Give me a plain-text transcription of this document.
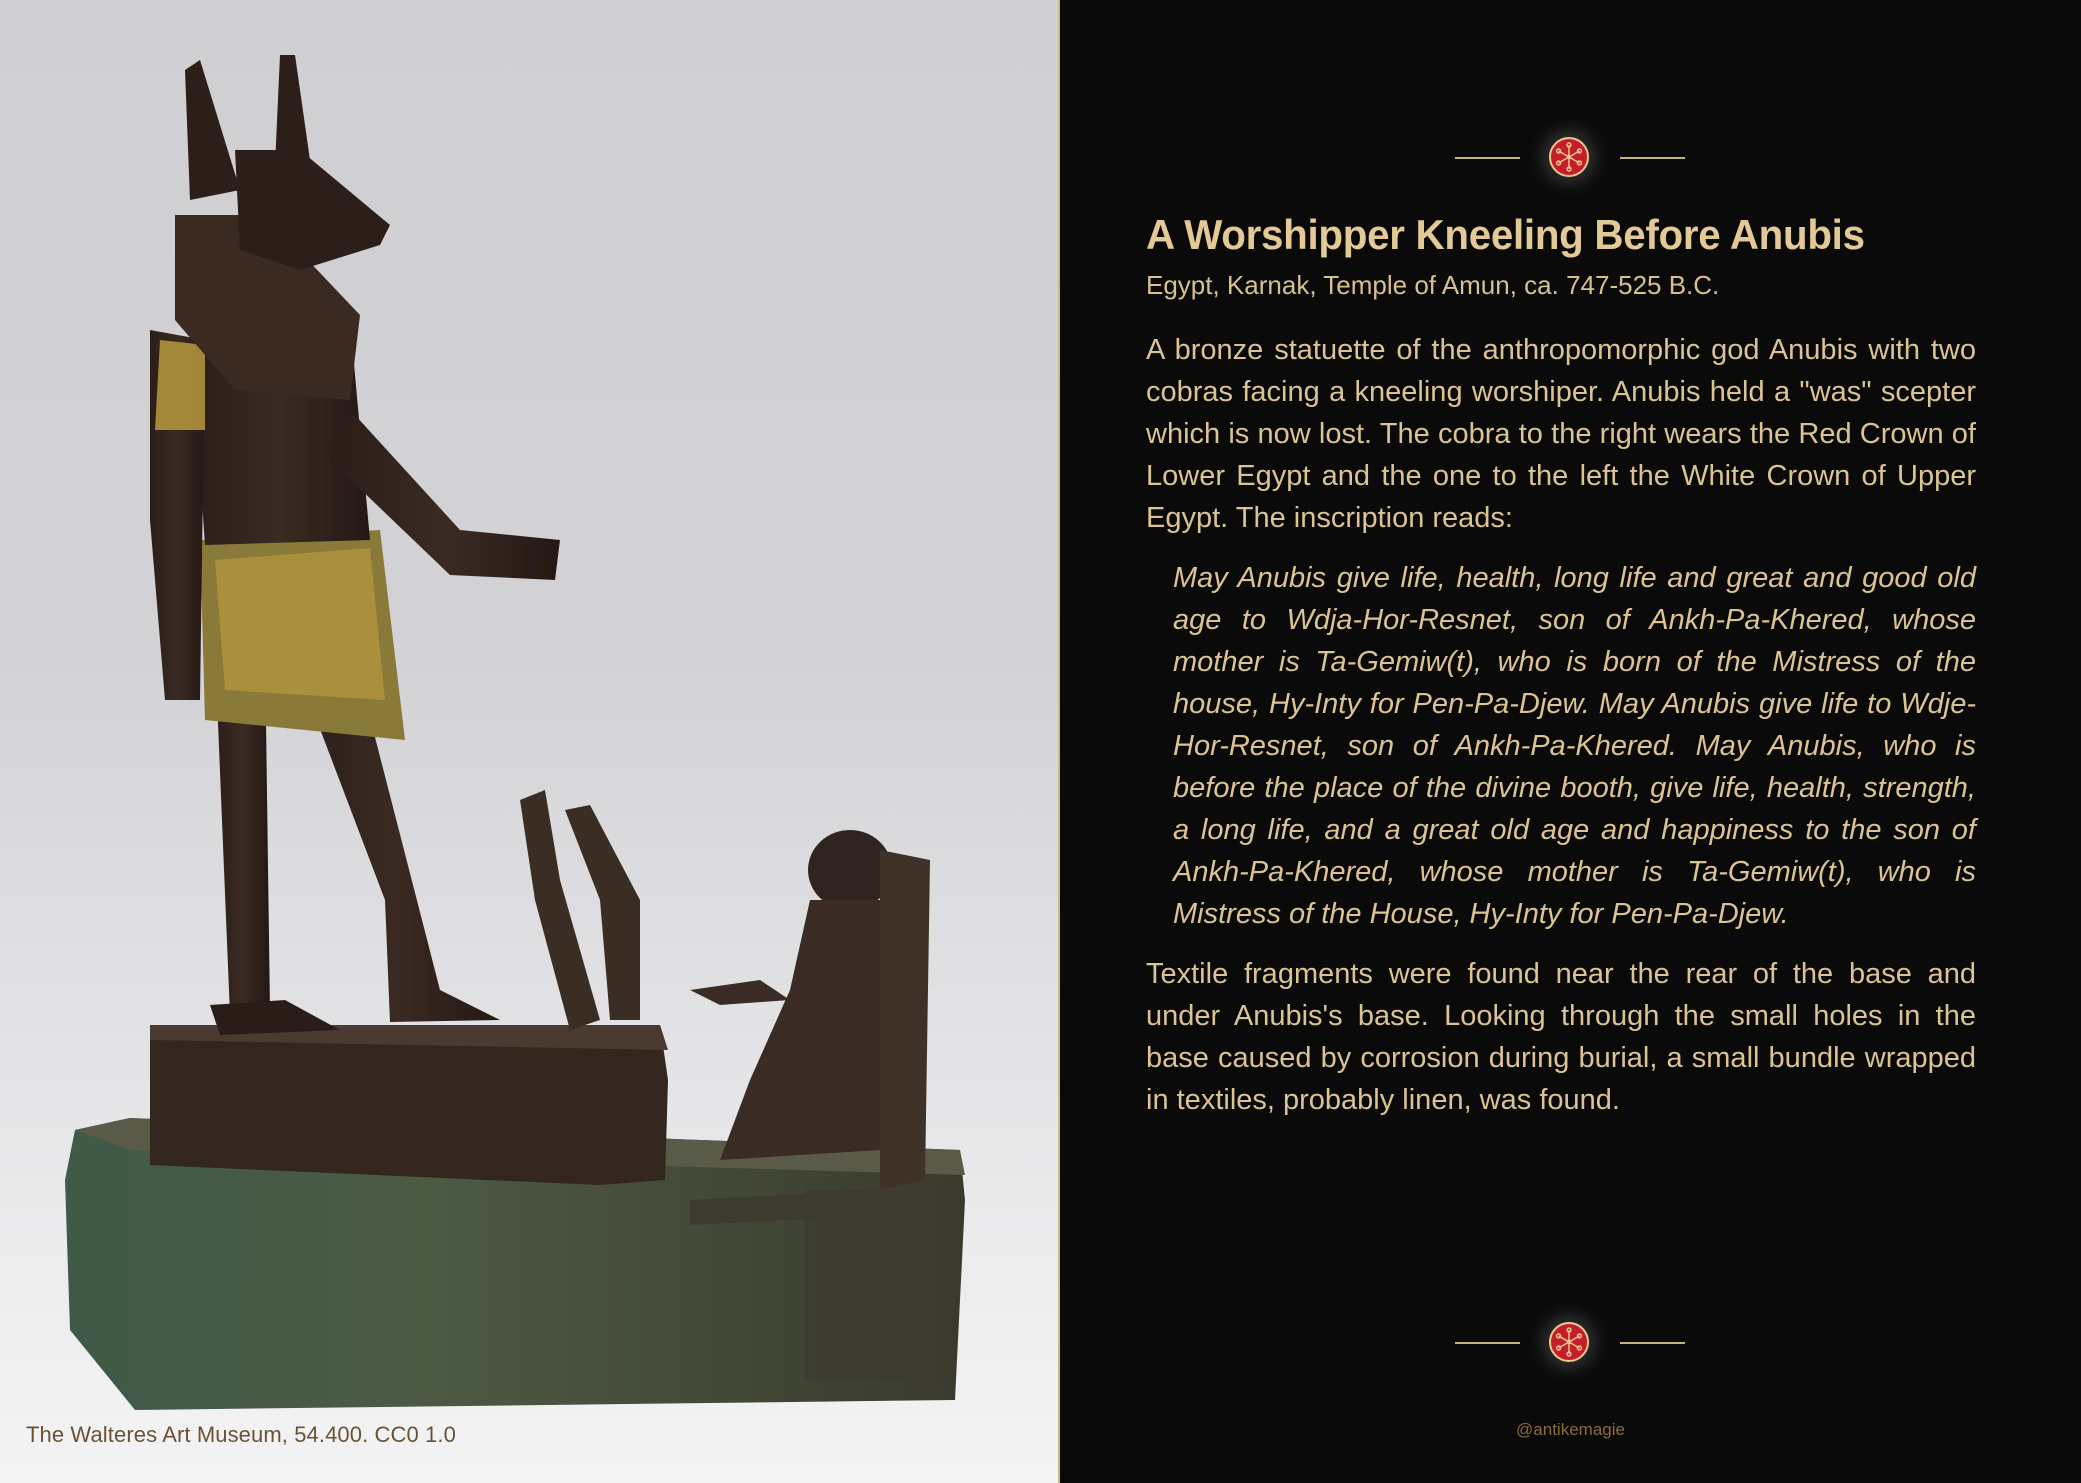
The Walteres Art Museum, 54.400. CC0 1.0
A Worshipper Kneeling Before Anubis

Egypt, Karnak, Temple of Amun, ca. 747-525 B.C.

A bronze statuette of the anthropomorphic god Anubis with two cobras facing a kneeling worshiper. Anubis held a "was" scepter which is now lost. The cobra to the right wears the Red Crown of Lower Egypt and the one to the left the White Crown of Upper Egypt. The inscription reads:

May Anubis give life, health, long life and great and good old age to Wdja-Hor-Resnet, son of Ankh-Pa-Khered, whose mother is Ta-Gemiw(t), who is born of the Mistress of the house, Hy-Inty for Pen-Pa-Djew. May Anubis give life to Wdje-Hor-Resnet, son of Ankh-Pa-Khered. May Anubis, who is before the place of the divine booth, give life, health, strength, a long life, and a great old age and happiness to the son of Ankh-Pa-Khered, whose mother is Ta-Gemiw(t), who is Mistress of the House, Hy-Inty for Pen-Pa-Djew.

Textile fragments were found near the rear of the base and under Anubis's base. Looking through the small holes in the base caused by corrosion during burial, a small bundle wrapped in textiles, probably linen, was found.

@antikemagie
